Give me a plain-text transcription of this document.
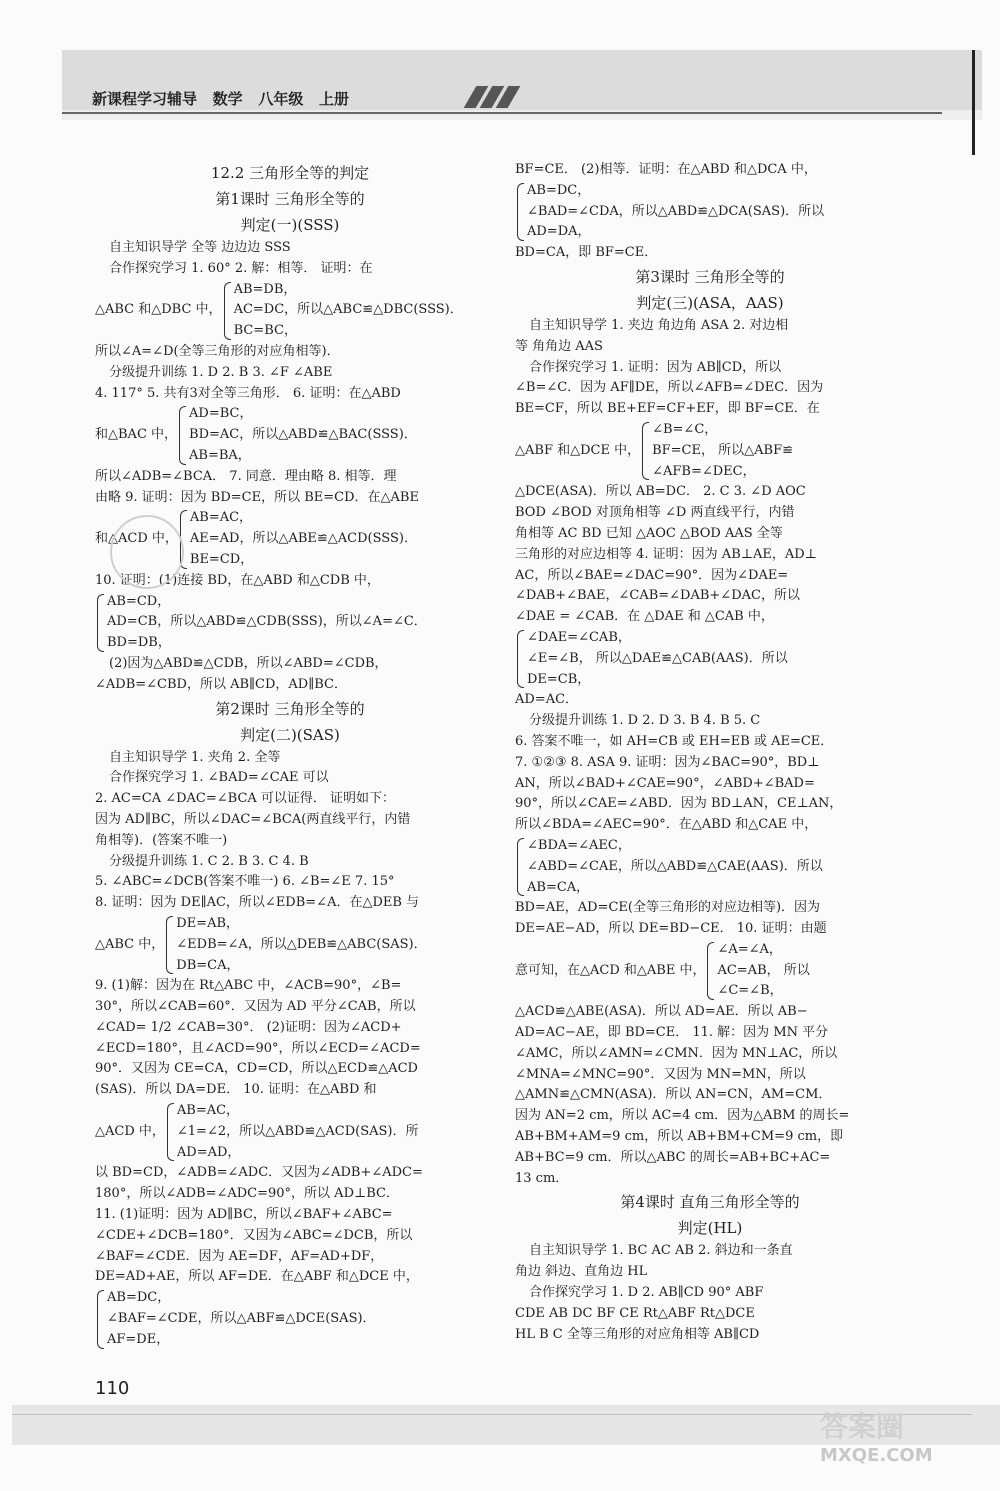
新课程学习辅导   数学   八年级   上册
12.2 三角形全等的判定
第1课时 三角形全等的
判定(一)(SSS)
自主知识导学 全等 边边边 SSS
合作探究学习 1. 60° 2. 解：相等． 证明：在
△ABC 和△DBC 中，
AB=DB，
AC=DC，所以△ABC≌△DBC(SSS)．
BC=BC，
所以∠A=∠D(全等三角形的对应角相等)．
分级提升训练 1. D 2. B 3. ∠F ∠ABE
4. 117° 5. 共有3对全等三角形． 6. 证明：在△ABD
和△BAC 中，
AD=BC，
BD=AC，所以△ABD≌△BAC(SSS)．
AB=BA，
所以∠ADB=∠BCA． 7. 同意．理由略 8. 相等．理
由略 9. 证明：因为 BD=CE，所以 BE=CD．在△ABE
和△ACD 中，
AB=AC，
AE=AD，所以△ABE≌△ACD(SSS)．
BE=CD，
10. 证明：(1)连接 BD，在△ABD 和△CDB 中，
AB=CD，
AD=CB，所以△ABD≌△CDB(SSS)，所以∠A=∠C．
BD=DB，
(2)因为△ABD≌△CDB，所以∠ABD=∠CDB，
∠ADB=∠CBD，所以 AB∥CD，AD∥BC．
第2课时 三角形全等的
判定(二)(SAS)
自主知识导学 1. 夹角 2. 全等
合作探究学习 1. ∠BAD=∠CAE 可以
2. AC=CA ∠DAC=∠BCA 可以证得． 证明如下：
因为 AD∥BC，所以∠DAC=∠BCA(两直线平行，内错
角相等)．(答案不唯一)
分级提升训练 1. C 2. B 3. C 4. B
5. ∠ABC=∠DCB(答案不唯一) 6. ∠B=∠E 7. 15°
8. 证明：因为 DE∥AC，所以∠EDB=∠A．在△DEB 与
△ABC 中，
DE=AB，
∠EDB=∠A，所以△DEB≌△ABC(SAS)．
DB=CA，
9. (1)解：因为在 Rt△ABC 中，∠ACB=90°，∠B=
30°，所以∠CAB=60°．又因为 AD 平分∠CAB，所以
∠CAD= 1/2 ∠CAB=30°． (2)证明：因为∠ACD+
∠ECD=180°，且∠ACD=90°，所以∠ECD=∠ACD=
90°．又因为 CE=CA，CD=CD，所以△ECD≌△ACD
(SAS)．所以 DA=DE． 10. 证明：在△ABD 和
△ACD 中，
AB=AC，
∠1=∠2，所以△ABD≌△ACD(SAS)．所
AD=AD，
以 BD=CD，∠ADB=∠ADC．又因为∠ADB+∠ADC=
180°，所以∠ADB=∠ADC=90°，所以 AD⊥BC．
11. (1)证明：因为 AD∥BC，所以∠BAF+∠ABC=
∠CDE+∠DCB=180°．又因为∠ABC=∠DCB，所以
∠BAF=∠CDE．因为 AE=DF，AF=AD+DF，
DE=AD+AE，所以 AF=DE．在△ABF 和△DCE 中，
AB=DC，
∠BAF=∠CDE，所以△ABF≌△DCE(SAS)．
AF=DE，
BF=CE． (2)相等．证明：在△ABD 和△DCA 中，
AB=DC，
∠BAD=∠CDA，所以△ABD≌△DCA(SAS)．所以
AD=DA，
BD=CA，即 BF=CE．
第3课时 三角形全等的
判定(三)(ASA，AAS)
自主知识导学 1. 夹边 角边角 ASA 2. 对边相
等 角角边 AAS
合作探究学习 1. 证明：因为 AB∥CD，所以
∠B=∠C．因为 AF∥DE，所以∠AFB=∠DEC．因为
BE=CF，所以 BE+EF=CF+EF，即 BF=CE．在
△ABF 和△DCE 中，
∠B=∠C，
BF=CE， 所以△ABF≌
∠AFB=∠DEC，
△DCE(ASA)．所以 AB=DC． 2. C 3. ∠D AOC
BOD ∠BOD 对顶角相等 ∠D 两直线平行，内错
角相等 AC BD 已知 △AOC △BOD AAS 全等
三角形的对应边相等 4. 证明：因为 AB⊥AE，AD⊥
AC，所以∠BAE=∠DAC=90°．因为∠DAE=
∠DAB+∠BAE，∠CAB=∠DAB+∠DAC，所以
∠DAE = ∠CAB．在 △DAE 和 △CAB 中，
∠DAE=∠CAB，
∠E=∠B， 所以△DAE≌△CAB(AAS)．所以
DE=CB，
AD=AC．
分级提升训练 1. D 2. D 3. B 4. B 5. C
6. 答案不唯一，如 AH=CB 或 EH=EB 或 AE=CE．
7. ①②③ 8. ASA 9. 证明：因为∠BAC=90°，BD⊥
AN，所以∠BAD+∠CAE=90°，∠ABD+∠BAD=
90°，所以∠CAE=∠ABD．因为 BD⊥AN，CE⊥AN，
所以∠BDA=∠AEC=90°．在△ABD 和△CAE 中，
∠BDA=∠AEC，
∠ABD=∠CAE，所以△ABD≌△CAE(AAS)．所以
AB=CA，
BD=AE，AD=CE(全等三角形的对应边相等)．因为
DE=AE−AD，所以 DE=BD−CE． 10. 证明：由题
意可知，在△ACD 和△ABE 中，
∠A=∠A，
AC=AB， 所以
∠C=∠B，
△ACD≌△ABE(ASA)．所以 AD=AE．所以 AB−
AD=AC−AE，即 BD=CE． 11. 解：因为 MN 平分
∠AMC，所以∠AMN=∠CMN．因为 MN⊥AC，所以
∠MNA=∠MNC=90°．又因为 MN=MN，所以
△AMN≌△CMN(ASA)．所以 AN=CN，AM=CM．
因为 AN=2 cm，所以 AC=4 cm．因为△ABM 的周长=
AB+BM+AM=9 cm，所以 AB+BM+CM=9 cm，即
AB+BC=9 cm．所以△ABC 的周长=AB+BC+AC=
13 cm．
第4课时 直角三角形全等的
判定(HL)
自主知识导学 1. BC AC AB 2. 斜边和一条直
角边 斜边、直角边 HL
合作探究学习 1. D 2. AB∥CD 90° ABF
CDE AB DC BF CE Rt△ABF Rt△DCE
HL B C 全等三角形的对应角相等 AB∥CD
110
答案圈
MXQE.COM
